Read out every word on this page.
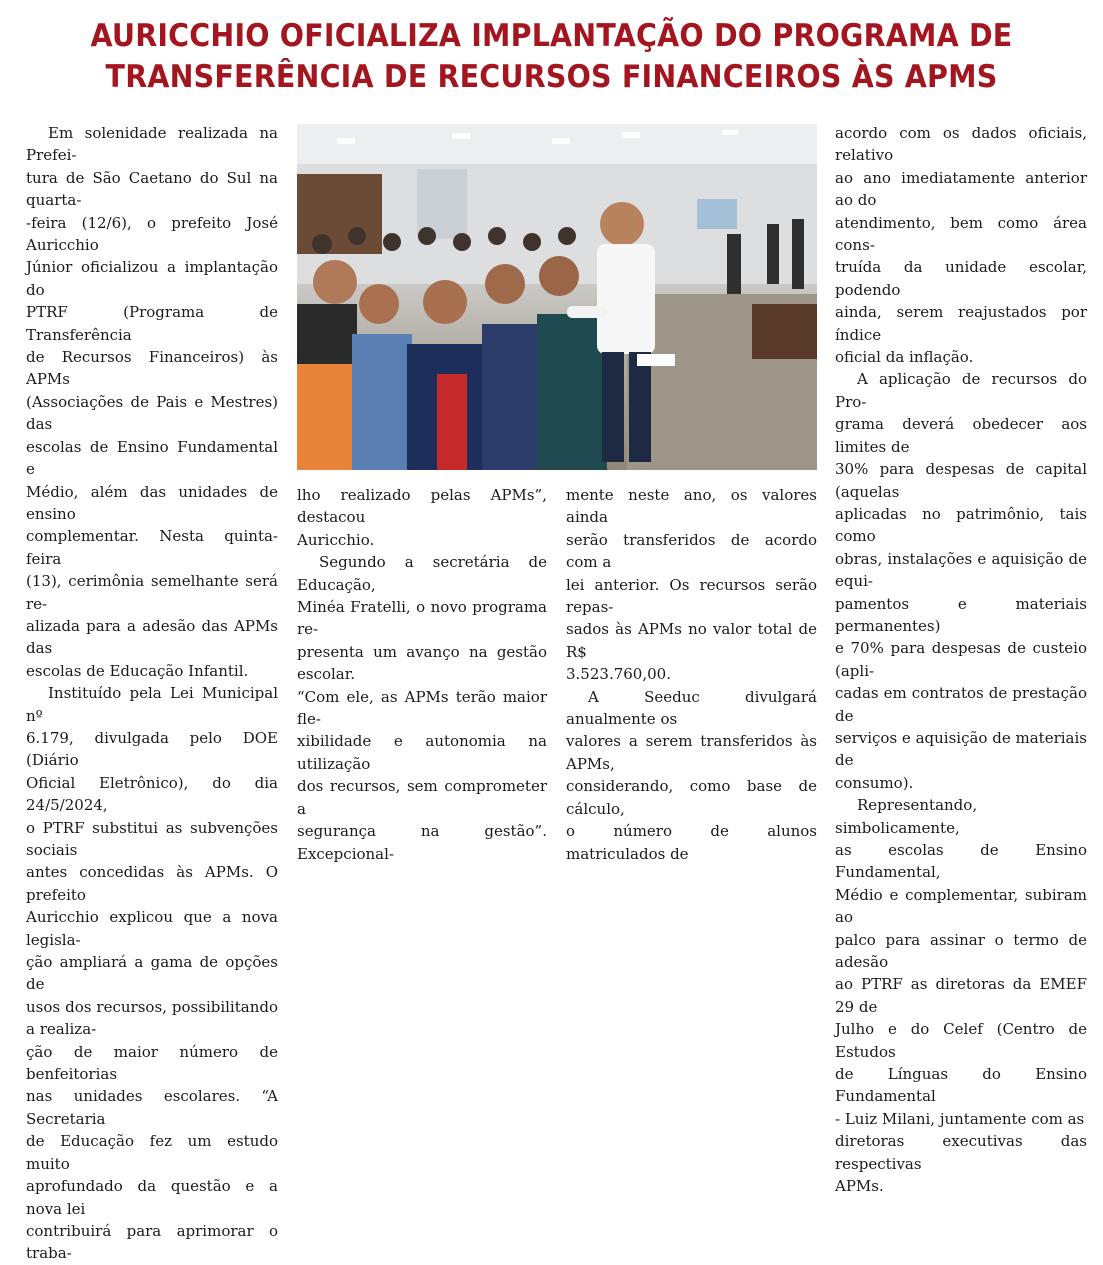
AURICCHIO OFICIALIZA IMPLANTAÇÃO DO PROGRAMA DE TRANSFERÊNCIA DE RECURSOS FINANCEIROS ÀS APMS

Em solenidade realizada na Prefei-
tura de São Caetano do Sul na quarta-
-feira (12/6), o prefeito José Auricchio
Júnior oficializou a implantação do
PTRF (Programa de Transferência
de Recursos Financeiros) às APMs
(Associações de Pais e Mestres) das
escolas de Ensino Fundamental e
Médio, além das unidades de ensino
complementar. Nesta quinta-feira
(13), cerimônia semelhante será re-
alizada para a adesão das APMs das
escolas de Educação Infantil.

Instituído pela Lei Municipal nº
6.179, divulgada pelo DOE (Diário
Oficial Eletrônico), do dia 24/5/2024,
o PTRF substitui as subvenções sociais
antes concedidas às APMs. O prefeito
Auricchio explicou que a nova legisla-
ção ampliará a gama de opções de
usos dos recursos, possibilitando a realiza-
ção de maior número de benfeitorias
nas unidades escolares. “A Secretaria
de Educação fez um estudo muito
aprofundado da questão e a nova lei
contribuirá para aprimorar o traba-

lho realizado pelas APMs”, destacou
Auricchio.

Segundo a secretária de Educação,
Minéa Fratelli, o novo programa re-
presenta um avanço na gestão escolar.
“Com ele, as APMs terão maior fle-
xibilidade e autonomia na utilização
dos recursos, sem comprometer a
segurança na gestão”. Excepcional-

mente neste ano, os valores ainda
serão transferidos de acordo com a
lei anterior. Os recursos serão repas-
sados às APMs no valor total de R$
3.523.760,00.

A Seeduc divulgará anualmente os
valores a serem transferidos às APMs,
considerando, como base de cálculo,
o número de alunos matriculados de

acordo com os dados oficiais, relativo
ao ano imediatamente anterior ao do
atendimento, bem como área cons-
truída da unidade escolar, podendo
ainda, serem reajustados por índice
oficial da inflação.

A aplicação de recursos do Pro-
grama deverá obedecer aos limites de
30% para despesas de capital (aquelas
aplicadas no patrimônio, tais como
obras, instalações e aquisição de equi-
pamentos e materiais permanentes)
e 70% para despesas de custeio (apli-
cadas em contratos de prestação de
serviços e aquisição de materiais de
consumo).

Representando, simbolicamente,
as escolas de Ensino Fundamental,
Médio e complementar, subiram ao
palco para assinar o termo de adesão
ao PTRF as diretoras da EMEF 29 de
Julho e do Celef (Centro de Estudos
de Línguas do Ensino Fundamental
- Luiz Milani, juntamente com as
diretoras executivas das respectivas
APMs.
